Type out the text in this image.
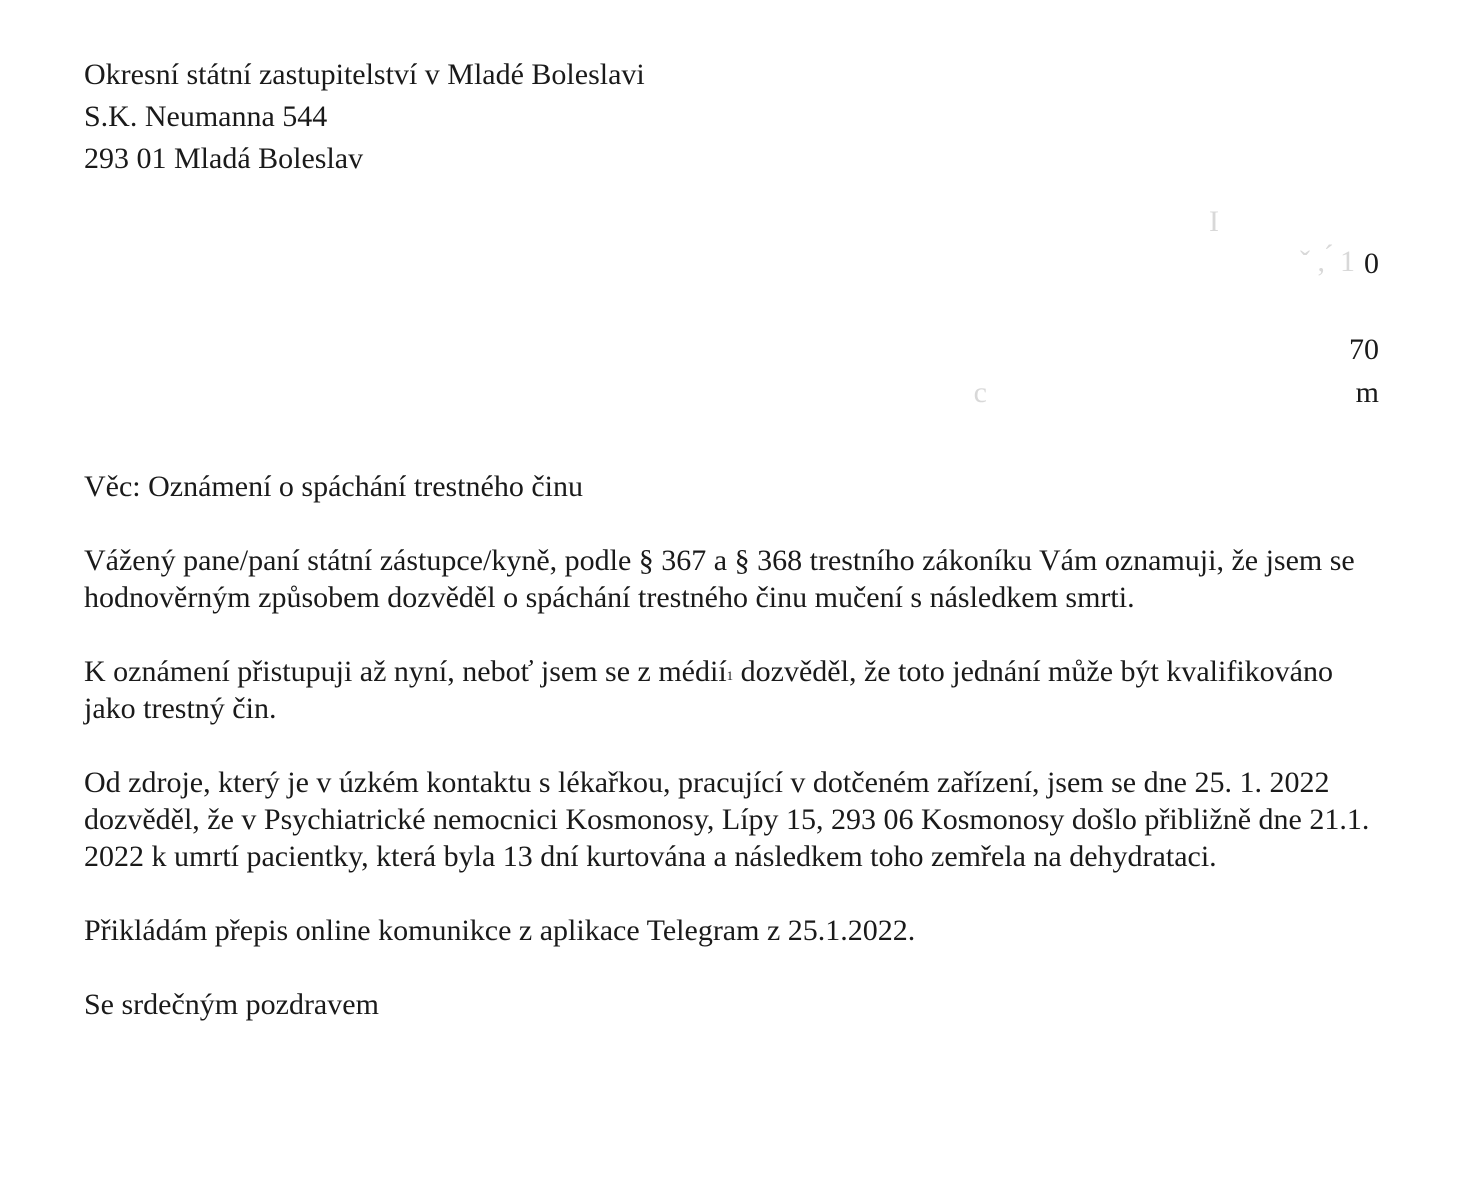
Okresní státní zastupitelství v Mladé Boleslavi
S.K. Neumanna 544
293 01 Mladá Boleslav
I
ˇ , ́ 1 0
70
c	m

Věc: Oznámení o spáchání trestného činu

Vážený pane/paní státní zástupce/kyně, podle § 367 a § 368 trestního zákoníku Vám oznamuji, že jsem se hodnověrným způsobem dozvěděl o spáchání trestného činu mučení s následkem smrti.

K oznámení přistupuji až nyní, neboť jsem se z médií$^1$ dozvěděl, že toto jednání může být kvalifikováno jako trestný čin.

Od zdroje, který je v úzkém kontaktu s lékařkou, pracující v dotčeném zařízení, jsem se dne 25. 1. 2022 dozvěděl, že v Psychiatrické nemocnici Kosmonosy, Lípy 15, 293 06 Kosmonosy došlo přibližně dne 21.1. 2022 k umrtí pacientky, která byla 13 dní kurtována a následkem toho zemřela na dehydrataci.

Přikládám přepis online komunikce z aplikace Telegram z 25.1.2022.

Se srdečným pozdravem
